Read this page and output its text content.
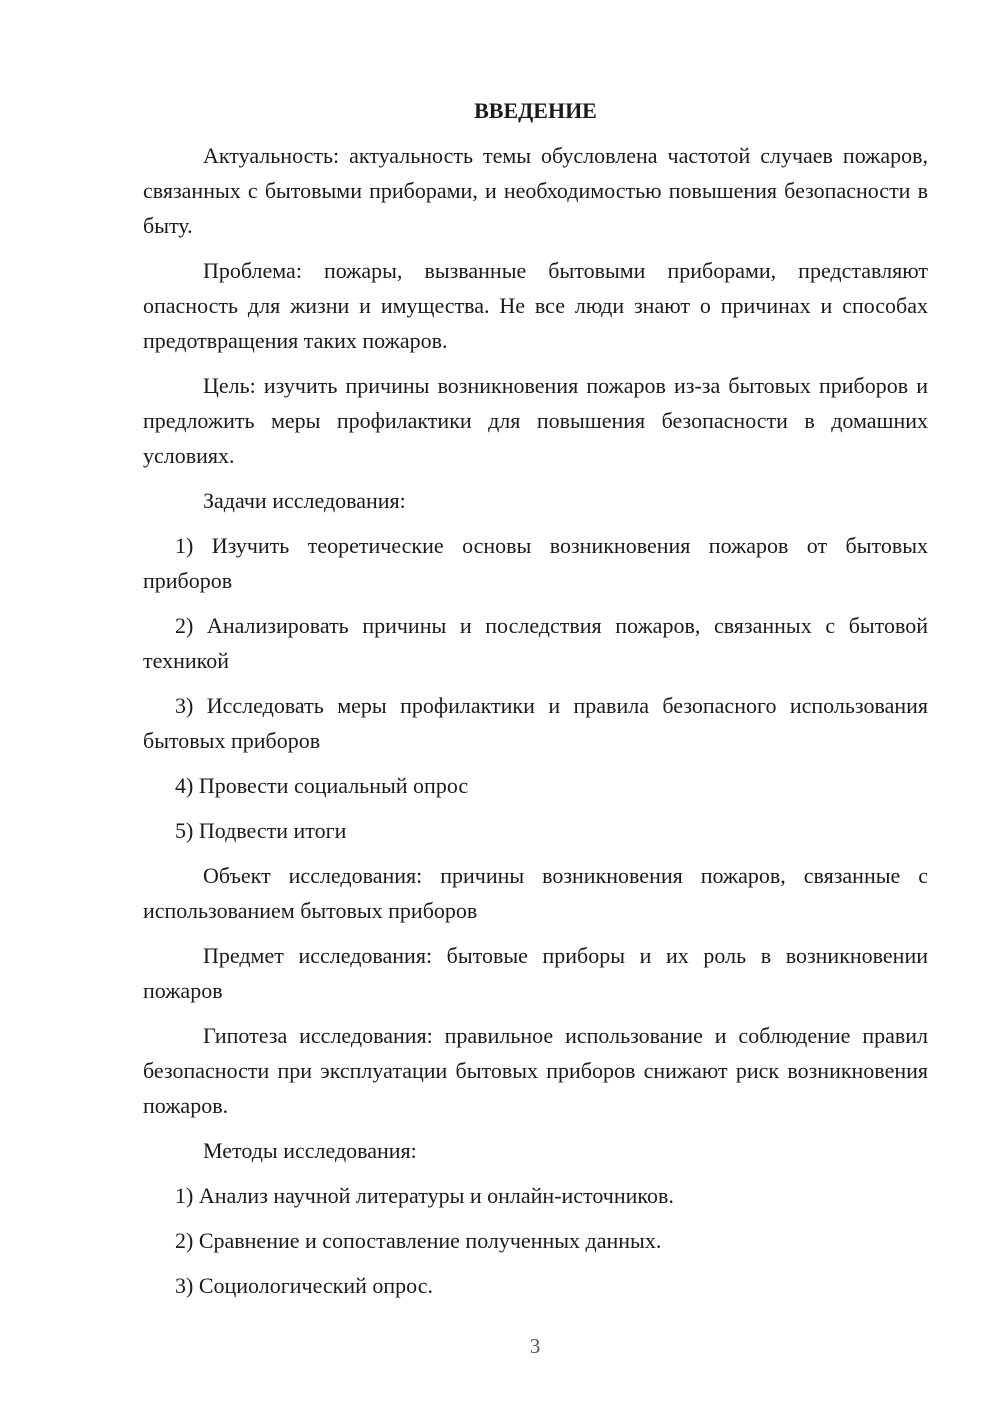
ВВЕДЕНИЕ

Актуальность: актуальность темы обусловлена частотой случаев пожаров, связанных с бытовыми приборами, и необходимостью повышения безопасности в быту.

Проблема: пожары, вызванные бытовыми приборами, представляют опасность для жизни и имущества. Не все люди знают о причинах и способах предотвращения таких пожаров.

Цель: изучить причины возникновения пожаров из-за бытовых приборов и предложить меры профилактики для повышения безопасности в домашних условиях.

Задачи исследования:

1) Изучить теоретические основы возникновения пожаров от бытовых приборов

2) Анализировать причины и последствия пожаров, связанных с бытовой техникой

3) Исследовать меры профилактики и правила безопасного использования бытовых приборов

4) Провести социальный опрос

5) Подвести итоги

Объект исследования: причины возникновения пожаров, связанные с использованием бытовых приборов

Предмет исследования: бытовые приборы и их роль в возникновении пожаров

Гипотеза исследования: правильное использование и соблюдение правил безопасности при эксплуатации бытовых приборов снижают риск возникновения пожаров.

Методы исследования:

1) Анализ научной литературы и онлайн-источников.

2) Сравнение и сопоставление полученных данных.

3) Социологический опрос.

3
